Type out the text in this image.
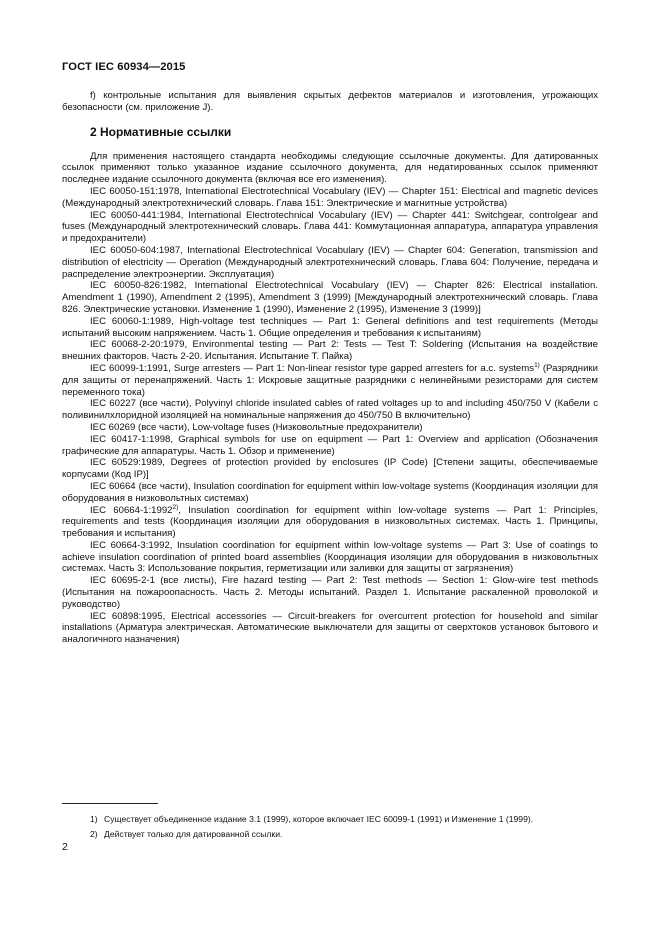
ГОСТ IEC 60934—2015

f) контрольные испытания для выявления скрытых дефектов материалов и изготовления, угрожающих безопасности (см. приложение J).

2 Нормативные ссылки

Для применения настоящего стандарта необходимы следующие ссылочные документы. Для датированных ссылок применяют только указанное издание ссылочного документа, для недатированных ссылок применяют последнее издание ссылочного документа (включая все его изменения).

IEC 60050-151:1978, International Electrotechnical Vocabulary (IEV) — Chapter 151: Electrical and magnetic devices (Международный электротехнический словарь. Глава 151: Электрические и магнитные устройства)

IEC 60050-441:1984, International Electrotechnical Vocabulary (IEV) — Chapter 441: Switchgear, controlgear and fuses (Международный электротехнический словарь. Глава 441: Коммутационная аппаратура, аппаратура управления и предохранители)

IEC 60050-604:1987, International Electrotechnical Vocabulary (IEV) — Chapter 604: Generation, transmission and distribution of electricity — Operation (Международный электротехнический словарь. Глава 604: Получение, передача и распределение электроэнергии. Эксплуатация)

IEC 60050-826:1982, International Electrotechnical Vocabulary (IEV) — Chapter 826: Electrical installation. Amendment 1 (1990), Amendment 2 (1995), Amendment 3 (1999) [Международный электротехнический словарь. Глава 826. Электрические установки. Изменение 1 (1990), Изменение 2 (1995), Изменение 3 (1999)]

IEC 60060-1:1989, High-voltage test techniques — Part 1: General definitions and test requirements (Методы испытаний высоким напряжением. Часть 1. Общие определения и требования к испытаниям)

IEC 60068-2-20:1979, Environmental testing — Part 2: Tests — Test T: Soldering (Испытания на воздействие внешних факторов. Часть 2-20. Испытания. Испытание Т. Пайка)

IEC 60099-1:1991, Surge arresters — Part 1: Non-linear resistor type gapped arresters for a.c. systems$^{1)}$ (Разрядники для защиты от перенапряжений. Часть 1: Искровые защитные разрядники с нелинейными резисторами для систем переменного тока)

IEC 60227 (все части), Polyvinyl chloride insulated cables of rated voltages up to and including 450/750 V (Кабели с поливинилхлоридной изоляцией на номинальные напряжения до 450/750 В включительно)

IEC 60269 (все части), Low-voltage fuses (Низковольтные предохранители)

IEC 60417-1:1998, Graphical symbols for use on equipment — Part 1: Overview and application (Обозначения графические для аппаратуры. Часть 1. Обзор и применение)

IEC 60529:1989, Degrees of protection provided by enclosures (IP Code) [Степени защиты, обеспечиваемые корпусами (Код IP)]

IEC 60664 (все части), Insulation coordination for equipment within low-voltage systems (Координация изоляции для оборудования в низковольтных системах)

IEC 60664-1:1992$^{2)}$, Insulation coordination for equipment within low-voltage systems — Part 1: Principles, requirements and tests (Координация изоляции для оборудования в низковольтных системах. Часть 1. Принципы, требования и испытания)

IEC 60664-3:1992, Insulation coordination for equipment within low-voltage systems — Part 3: Use of coatings to achieve insulation coordination of printed board assemblies (Координация изоляции для оборудования в низковольтных системах. Часть 3: Использование покрытия, герметизации или заливки для защиты от загрязнения)

IEC 60695-2-1 (все листы), Fire hazard testing — Part 2: Test methods — Section 1: Glow-wire test methods (Испытания на пожароопасность. Часть 2. Методы испытаний. Раздел 1. Испытание раскаленной проволокой и руководство)

IEC 60898:1995, Electrical accessories — Circuit-breakers for overcurrent protection for household and similar installations (Арматура электрическая. Автоматические выключатели для защиты от сверхтоков установок бытового и аналогичного назначения)

1) Существует объединенное издание 3.1 (1999), которое включает IEC 60099-1 (1991) и Изменение 1 (1999).

2) Действует только для датированной ссылки.

2
